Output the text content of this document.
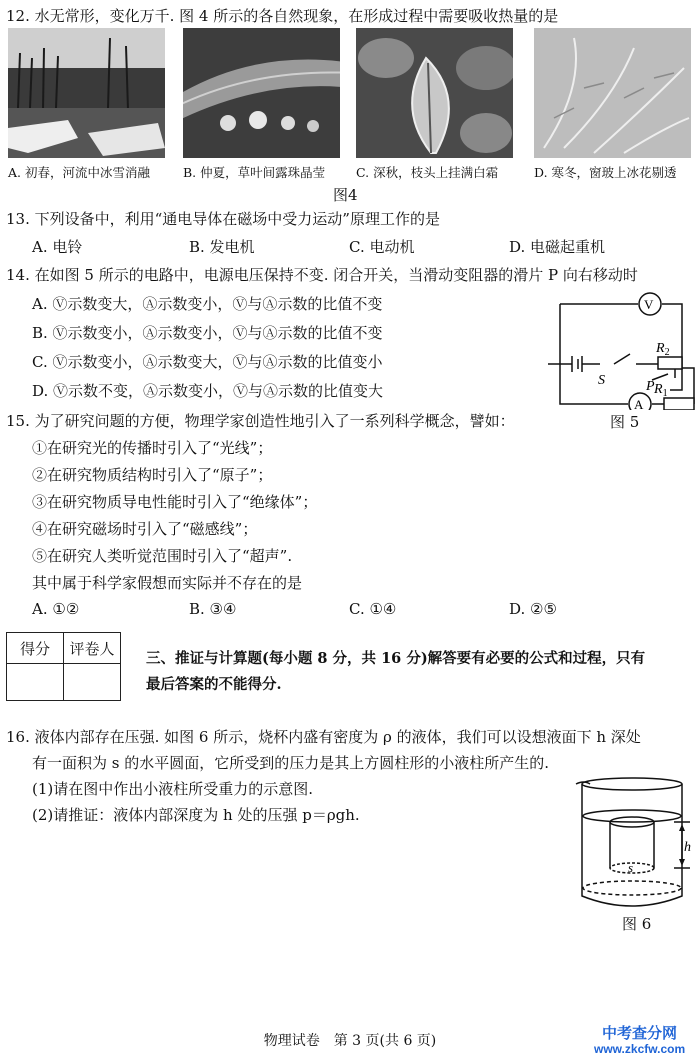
12. 水无常形，变化万千. 图 4 所示的各自然现象，在形成过程中需要吸收热量的是
A. 初春，河流中冰雪消融	B. 仲夏，草叶间露珠晶莹 C. 深秋，枝头上挂满白霜	D. 寒冬，窗玻上冰花剔透
图4
13. 下列设备中，利用“通电导体在磁场中受力运动”原理工作的是
A. 电铃	B. 发电机	C. 电动机	D. 电磁起重机
14. 在如图 5 所示的电路中，电源电压保持不变. 闭合开关，当滑动变阻器的滑片 P 向右移动时
A. Ⓥ示数变大，Ⓐ示数变小，Ⓥ与Ⓐ示数的比值不变
B. Ⓥ示数变小，Ⓐ示数变小，Ⓥ与Ⓐ示数的比值不变
C. Ⓥ示数变小，Ⓐ示数变大，Ⓥ与Ⓐ示数的比值变小
D. Ⓥ示数不变，Ⓐ示数变小，Ⓥ与Ⓐ示数的比值变大
V
A
$R_2$
$R_1$
S	P
图 5
15. 为了研究问题的方便，物理学家创造性地引入了一系列科学概念，譬如：
①在研究光的传播时引入了“光线”；
②在研究物质结构时引入了“原子”；
③在研究物质导电性能时引入了“绝缘体”；
④在研究磁场时引入了“磁感线”；
⑤在研究人类听觉范围时引入了“超声”.
其中属于科学家假想而实际并不存在的是
A. ①②	B. ③④	C. ①④	D. ②⑤
得分	评卷人

三、推证与计算题(每小题 8 分，共 16 分)解答要有必要的公式和过程，只有
最后答案的不能得分.
16. 液体内部存在压强. 如图 6 所示，烧杯内盛有密度为 ρ 的液体，我们可以设想液面下 h 深处
有一面积为 s 的水平圆面，它所受到的压力是其上方圆柱形的小液柱所产生的.
(1)请在图中作出小液柱所受重力的示意图.
(2)请推证：液体内部深度为 h 处的压强 p＝ρgh.
h
s
图 6
物理试卷　第 3 页(共 6 页)	中考查分网
www.zkcfw.com
